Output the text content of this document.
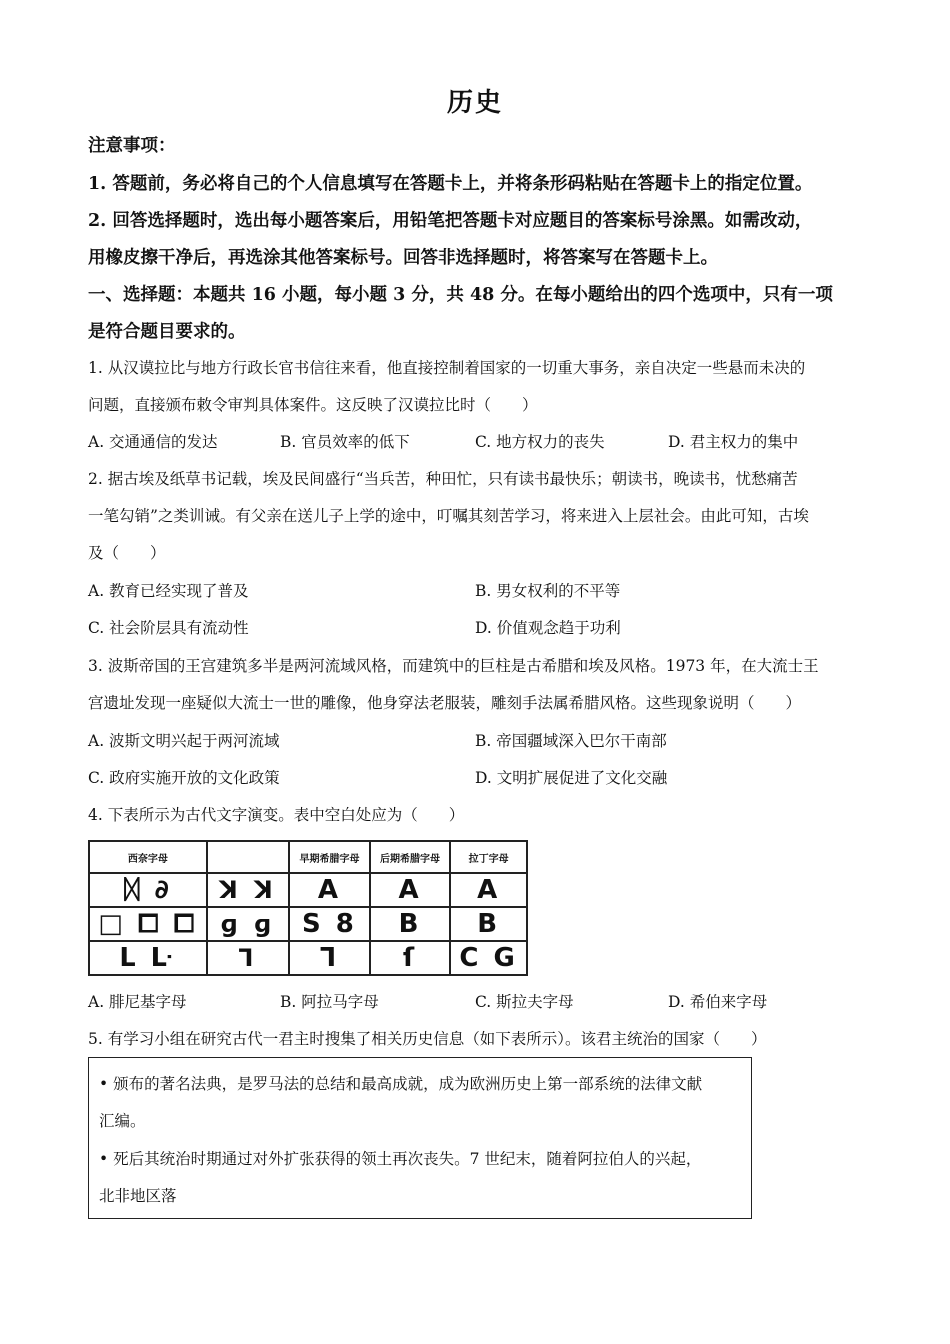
历史
注意事项：
1. 答题前，务必将自己的个人信息填写在答题卡上，并将条形码粘贴在答题卡上的指定位置。
2. 回答选择题时，选出每小题答案后，用铅笔把答题卡对应题目的答案标号涂黑。如需改动，
用橡皮擦干净后，再选涂其他答案标号。回答非选择题时，将答案写在答题卡上。
一、选择题：本题共 16 小题，每小题 3 分，共 48 分。在每小题给出的四个选项中，只有一项
是符合题目要求的。
1. 从汉谟拉比与地方行政长官书信往来看，他直接控制着国家的一切重大事务，亲自决定一些悬而未决的
问题，直接颁布敕令审判具体案件。这反映了汉谟拉比时（　　）
A. 交通通信的发达	B. 官员效率的低下	C. 地方权力的丧失	D. 君主权力的集中
2. 据古埃及纸草书记载，埃及民间盛行“当兵苦，种田忙，只有读书最快乐；朝读书，晚读书，忧愁痛苦
一笔勾销”之类训诫。有父亲在送儿子上学的途中，叮嘱其刻苦学习，将来进入上层社会。由此可知，古埃
及（　　）
A. 教育已经实现了普及	B. 男女权利的不平等
C. 社会阶层具有流动性	D. 价值观念趋于功利
3. 波斯帝国的王宫建筑多半是两河流域风格，而建筑中的巨柱是古希腊和埃及风格。1973 年，在大流士王
宫遗址发现一座疑似大流士一世的雕像，他身穿法老服装，雕刻手法属希腊风格。这些现象说明（　　）
A. 波斯文明兴起于两河流域	B. 帝国疆域深入巴尔干南部
C. 政府实施开放的文化政策	D. 文明扩展促进了文化交融
4. 下表所示为古代文字演变。表中空白处应为（　　）
西奈字母		早期希腊字母	后期希腊字母	拉丁字母
ᛞ ∂	ꓘ ꓘ	A	A	A
□ ⧠ ⧠	ɡ ɡ	S 8	B	B
ᒪ ᒷ	ᒣ	ᒣ	ſ	C G
A. 腓尼基字母	B. 阿拉马字母	C. 斯拉夫字母	D. 希伯来字母
5. 有学习小组在研究古代一君主时搜集了相关历史信息（如下表所示）。该君主统治的国家（　　）
• 颁布的著名法典，是罗马法的总结和最高成就，成为欧洲历史上第一部系统的法律文献
汇编。
• 死后其统治时期通过对外扩张获得的领土再次丧失。7 世纪末，随着阿拉伯人的兴起，
北非地区落
